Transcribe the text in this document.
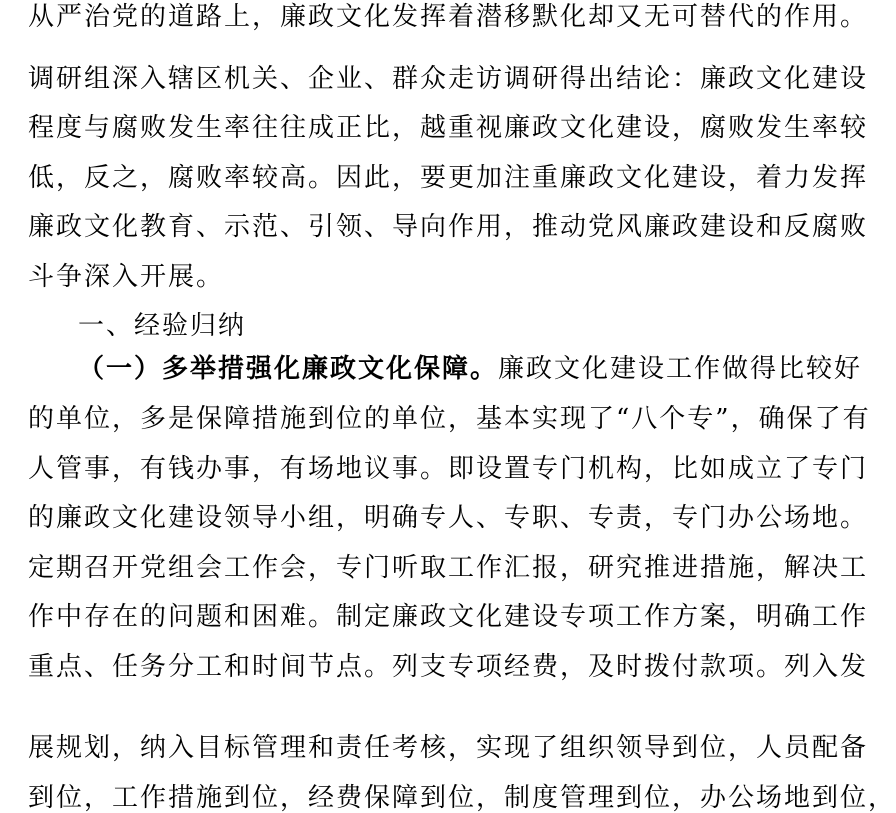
从严治党的道路上，廉政文化发挥着潜移默化却又无可替代的作用。
调研组深入辖区机关、企业、群众走访调研得出结论：廉政文化建设
程度与腐败发生率往往成正比，越重视廉政文化建设，腐败发生率较
低，反之，腐败率较高。因此，要更加注重廉政文化建设，着力发挥
廉政文化教育、示范、引领、导向作用，推动党风廉政建设和反腐败
斗争深入开展。
一、经验归纳
（一）多举措强化廉政文化保障。廉政文化建设工作做得比较好
的单位，多是保障措施到位的单位，基本实现了“八个专”，确保了有
人管事，有钱办事，有场地议事。即设置专门机构，比如成立了专门
的廉政文化建设领导小组，明确专人、专职、专责，专门办公场地。
定期召开党组会工作会，专门听取工作汇报，研究推进措施，解决工
作中存在的问题和困难。制定廉政文化建设专项工作方案，明确工作
重点、任务分工和时间节点。列支专项经费，及时拨付款项。列入发
展规划，纳入目标管理和责任考核，实现了组织领导到位，人员配备
到位，工作措施到位，经费保障到位，制度管理到位，办公场地到位，
